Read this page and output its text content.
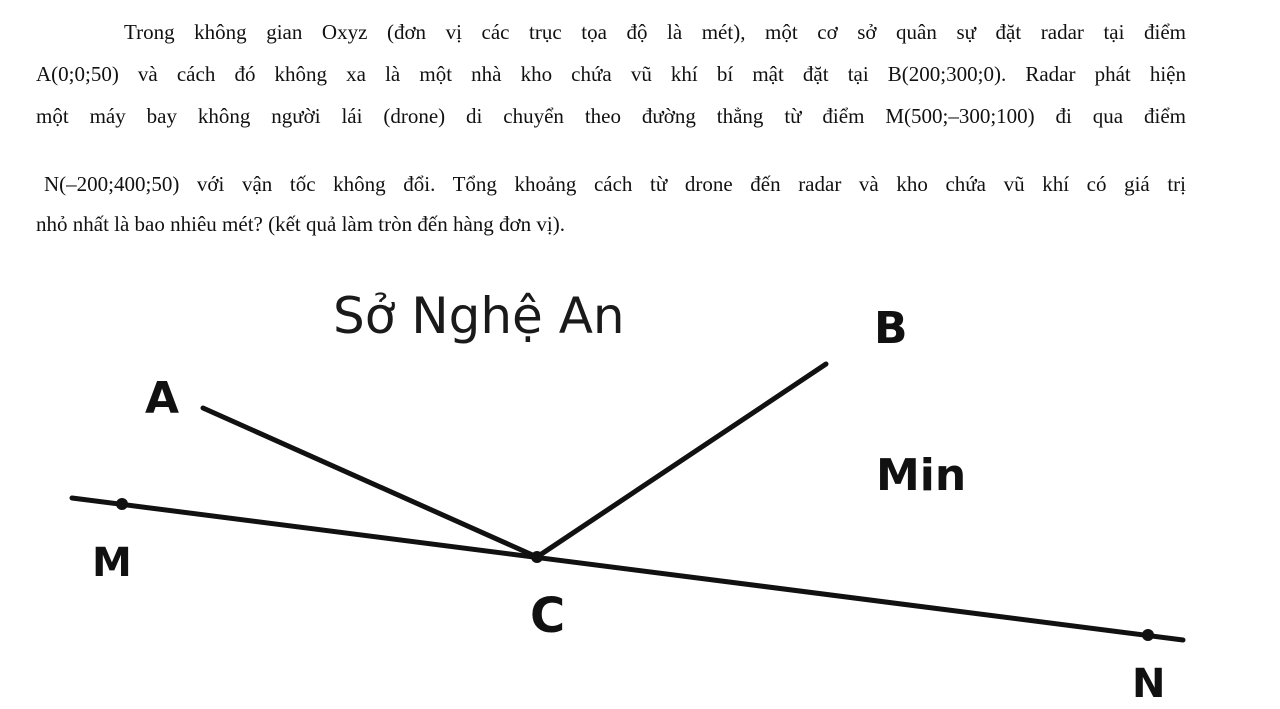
Trong không gian Oxyz (đơn vị các trục tọa độ là mét), một cơ sở quân sự đặt radar tại điểm
A(0;0;50) và cách đó không xa là một nhà kho chứa vũ khí bí mật đặt tại B(200;300;0). Radar phát hiện
một máy bay không người lái (drone) di chuyển theo đường thẳng từ điểm M(500;–300;100) đi qua điểm
N(–200;400;50) với vận tốc không đổi. Tổng khoảng cách từ drone đến radar và kho chứa vũ khí có giá trị
nhỏ nhất là bao nhiêu mét? (kết quả làm tròn đến hàng đơn vị).
Sở Nghệ An
A
B
M
C
N
Min
